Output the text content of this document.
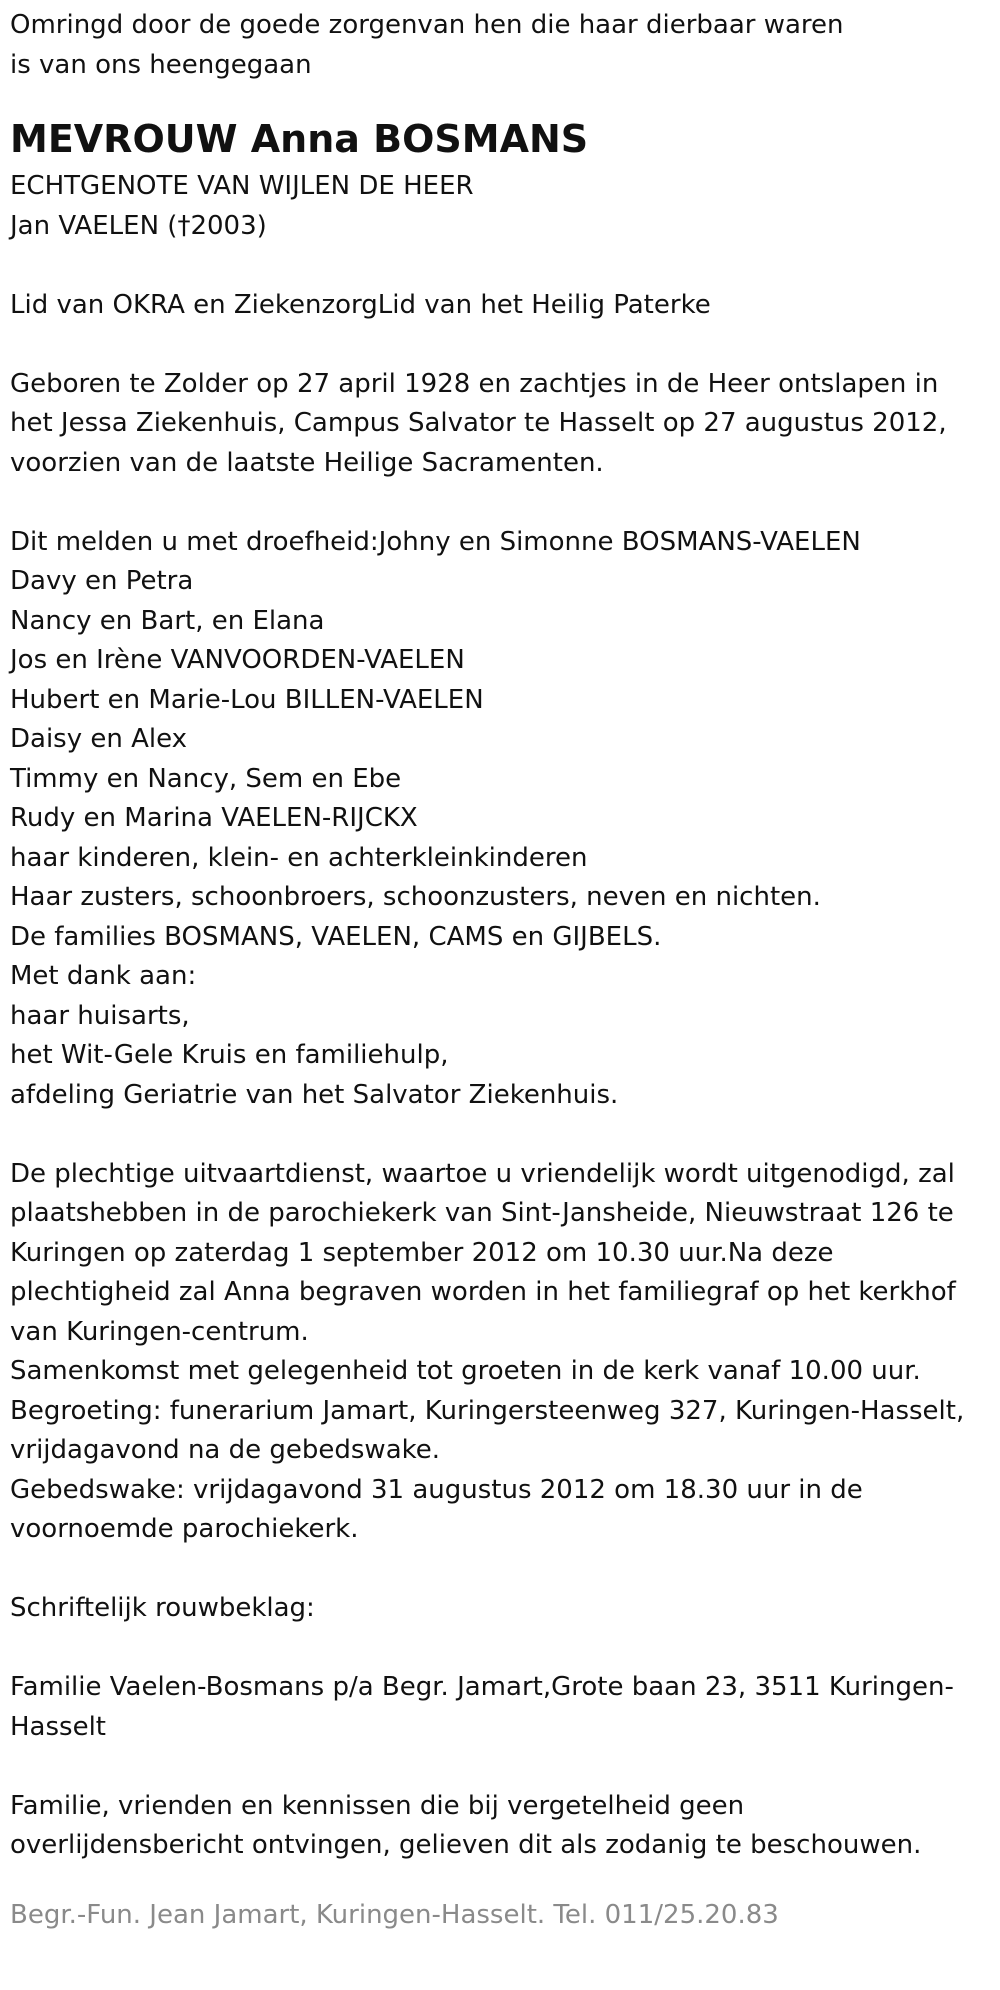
Omringd door de goede zorgenvan hen die haar dierbaar waren

is van ons heengegaan

MEVROUW Anna BOSMANS

ECHTGENOTE VAN WIJLEN DE HEER

Jan VAELEN (†2003)

Lid van OKRA en ZiekenzorgLid van het Heilig Paterke

Geboren te Zolder op 27 april 1928 en zachtjes in de Heer ontslapen in

het Jessa Ziekenhuis, Campus Salvator te Hasselt op 27 augustus 2012,

voorzien van de laatste Heilige Sacramenten.

Dit melden u met droefheid:Johny en Simonne BOSMANS-VAELEN

Davy en Petra

Nancy en Bart, en Elana

Jos en Irène VANVOORDEN-VAELEN

Hubert en Marie-Lou BILLEN-VAELEN

Daisy en Alex

Timmy en Nancy, Sem en Ebe

Rudy en Marina VAELEN-RIJCKX

haar kinderen, klein- en achterkleinkinderen

Haar zusters, schoonbroers, schoonzusters, neven en nichten.

De families BOSMANS, VAELEN, CAMS en GIJBELS.

Met dank aan:

haar huisarts,

het Wit-Gele Kruis en familiehulp,

afdeling Geriatrie van het Salvator Ziekenhuis.

De plechtige uitvaartdienst, waartoe u vriendelijk wordt uitgenodigd, zal

plaatshebben in de parochiekerk van Sint-Jansheide, Nieuwstraat 126 te

Kuringen op zaterdag 1 september 2012 om 10.30 uur.Na deze

plechtigheid zal Anna begraven worden in het familiegraf op het kerkhof

van Kuringen-centrum.

Samenkomst met gelegenheid tot groeten in de kerk vanaf 10.00 uur.

Begroeting: funerarium Jamart, Kuringersteenweg 327, Kuringen-Hasselt,

vrijdagavond na de gebedswake.

Gebedswake: vrijdagavond 31 augustus 2012 om 18.30 uur in de

voornoemde parochiekerk.

Schriftelijk rouwbeklag:

Familie Vaelen-Bosmans p/a Begr. Jamart,Grote baan 23, 3511 Kuringen-

Hasselt

Familie, vrienden en kennissen die bij vergetelheid geen

overlijdensbericht ontvingen, gelieven dit als zodanig te beschouwen.

Begr.-Fun. Jean Jamart, Kuringen-Hasselt. Tel. 011/25.20.83
